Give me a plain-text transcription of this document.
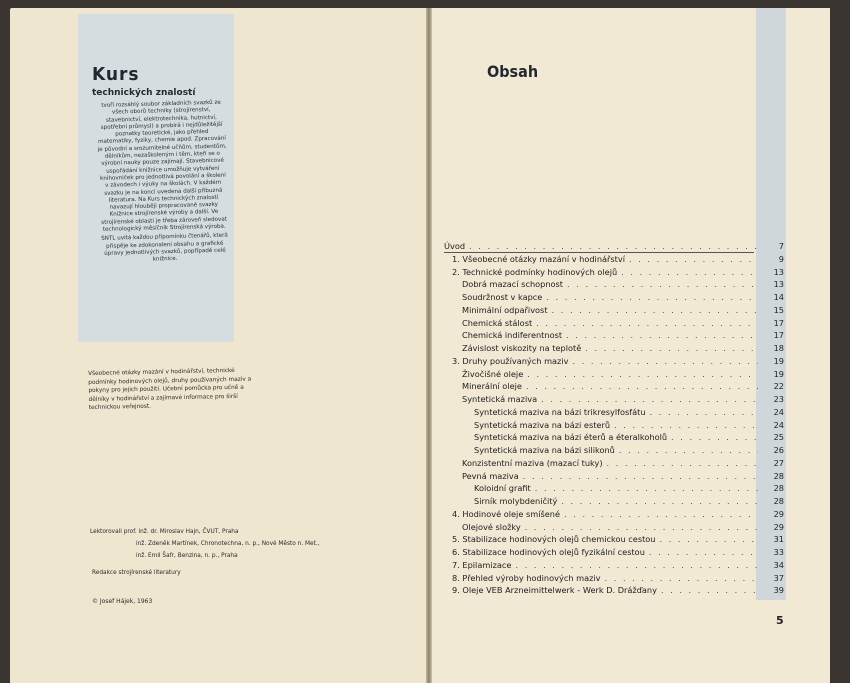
Kurs
technických znalostí

tvoří rozsáhlý soubor základních svazků ze všech oborů techniky (strojírenství, stavebnictví, elektrotechnika, hutnictví, spotřební průmysl) a probírá i nejdůležitější poznatky teoretické, jako přehled matematiky, fyziky, chemie apod. Zpracování je původní a srozumitelné učňům, studentům, dělníkům, nezaškoleným i těm, kteří se o výrobní nauky pouze zajímají. Stavebnicové uspořádání knižnice umožňuje vytváření knihovniček pro jednotlivá povolání a školení v závodech i výuky na školách. V každém svazku je na konci uvedena další příbuzná literatura. Na Kurs technických znalostí navazují hlouběji propracované svazky Knižnice strojírenské výroby a další. Ve strojírenské oblasti je třeba zároveň sledovat technologický měsíčník Strojírenská výroba.

SNTL uvítá každou připomínku čtenářů, která přispěje ke zdokonalení obsahu a grafické úpravy jednotlivých svazků, popřípadě celé knižnice.

Všeobecné otázky mazání v hodinářství, technické podmínky hodinových olejů, druhy používaných maziv a pokyny pro jejich použití. Učební pomůcka pro učně a dělníky v hodinářství a zajímavé informace pro širší technickou veřejnost.
Lektorovali prof. inž. dr. Miroslav Hajn, ČVUT, Praha
inž. Zdeněk Martínek, Chronotechna, n. p., Nové Město n. Met.,
inž. Emil Šafr, Benzina, n. p., Praha
Redakce strojírenské literatury
© Josef Hájek, 1963
Obsah
Úvod . . .	7
1. Všeobecné otázky mazání v hodinářství . . .	9
2. Technické podmínky hodinových olejů . . .	13
Dobrá mazací schopnost . . .	13
Soudržnost v kapce . . .	14
Minimální odpařivost . . .	15
Chemická stálost . . .	17
Chemická indiferentnost . . .	17
Závislost viskozity na teplotě . . .	18
3. Druhy používaných maziv . . .	19
Živočišné oleje . . .	19
Minerální oleje . . .	22
Syntetická maziva . . .	23
Syntetická maziva na bázi trikresylfosfátu . . .	24
Syntetická maziva na bázi esterů . . .	24
Syntetická maziva na bázi éterů a éteralkoholů . . .	25
Syntetická maziva na bázi silikonů . . .	26
Konzistentní maziva (mazací tuky) . . .	27
Pevná maziva . . .	28
Koloidní grafit . . .	28
Sirník molybdeničitý . . .	28
4. Hodinové oleje smíšené . . .	29
Olejové složky . . .	29
5. Stabilizace hodinových olejů chemickou cestou . . .	31
6. Stabilizace hodinových olejů fyzikální cestou . . .	33
7. Epilamizace . . .	34
8. Přehled výroby hodinových maziv . . .	37
9. Oleje VEB Arzneimittelwerk - Werk D. Drážďany . . .	39
5
